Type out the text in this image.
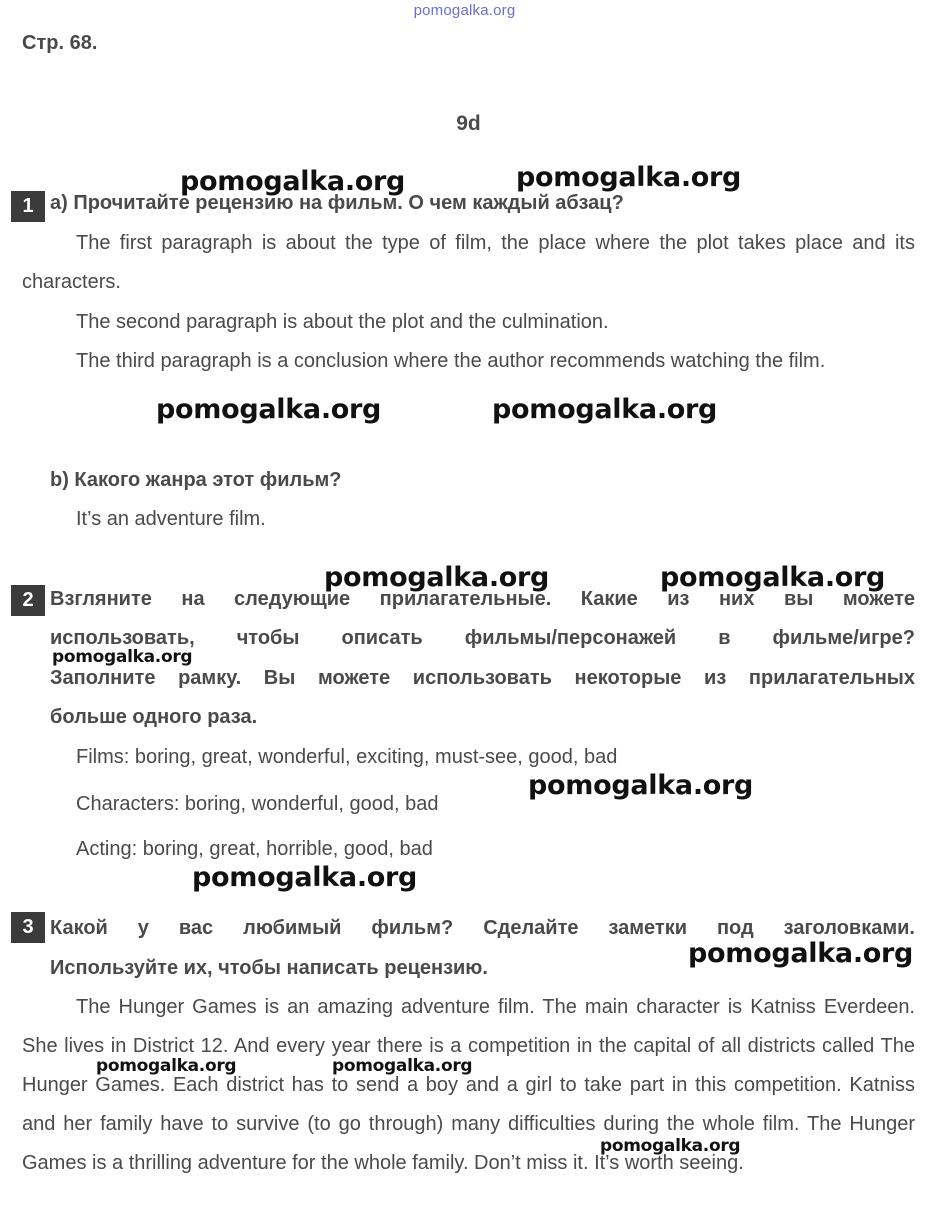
pomogalka.org
Стр. 68.
9d
1 a) Прочитайте рецензию на фильм. О чем каждый абзац?
The first paragraph is about the type of film, the place where the plot takes place and its characters.
The second paragraph is about the plot and the culmination.
The third paragraph is a conclusion where the author recommends watching the film.
b) Какого жанра этот фильм?
It’s an adventure film.
2 Взгляните на следующие прилагательные. Какие из них вы можете
использовать, чтобы описать фильмы/персонажей в фильме/игре?
Заполните рамку. Вы можете использовать некоторые из прилагательных
больше одного раза.
Films: boring, great, wonderful, exciting, must-see, good, bad
Characters: boring, wonderful, good, bad
Acting: boring, great, horrible, good, bad
3 Какой у вас любимый фильм? Сделайте заметки под заголовками.
Используйте их, чтобы написать рецензию.
The Hunger Games is an amazing adventure film. The main character is Katniss Everdeen. She lives in District 12. And every year there is a competition in the capital of all districts called The Hunger Games. Each district has to send a boy and a girl to take part in this competition. Katniss and her family have to survive (to go through) many difficulties during the whole film. The Hunger Games is a thrilling adventure for the whole family. Don’t miss it. It’s worth seeing.
pomogalka.org	pomogalka.org
pomogalka.org	pomogalka.org
pomogalka.org	pomogalka.org
pomogalka.org
pomogalka.org
pomogalka.org
pomogalka.org
pomogalka.org	pomogalka.org
pomogalka.org
